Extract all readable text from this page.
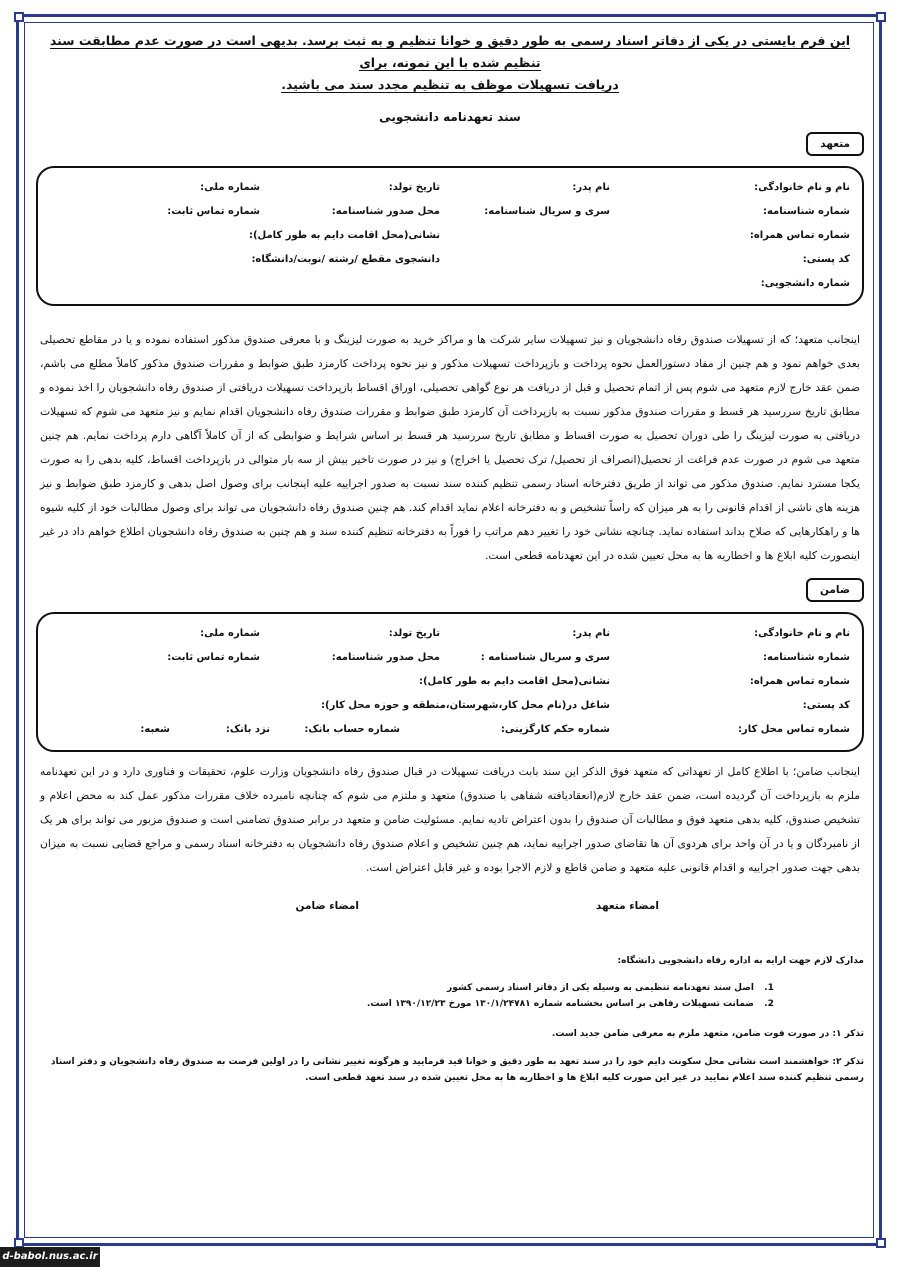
این فرم بایستی در یکی از دفاتر اسناد رسمی به طور دقیق و خوانا تنظیم و به ثبت برسد. بدیهی است در صورت عدم مطابقت سند تنظیم شده با این نمونه، برای
دریافت تسهیلات موظف به تنظیم مجدد سند می باشید.
سند تعهدنامه دانشجویی
متعهد
نام و نام خانوادگی:
نام پدر:
تاریخ تولد:
شماره ملی:
شماره شناسنامه:
سری و سریال شناسنامه:
محل صدور شناسنامه:
شماره تماس ثابت:
شماره تماس همراه:
نشانی(محل اقامت دایم به طور کامل):
کد پستی:
دانشجوی مقطع /رشته /نوبت/دانشگاه:
شماره دانشجویی:
اینجانب متعهد؛ که از تسهیلات صندوق رفاه دانشجویان و نیز تسهیلات سایر شرکت ها و مراکز خرید به صورت لیزینگ و با معرفی صندوق مذکور استفاده نموده و یا در مقاطع تحصیلی بعدی خواهم نمود و هم چنین از مفاد دستورالعمل نحوه پرداخت و بازپرداخت تسهیلات مذکور و نیز نحوه پرداخت کارمزد طبق ضوابط و مقررات صندوق مذکور کاملاً مطلع می باشم، ضمن عقد خارج لازم متعهد می شوم پس از اتمام تحصیل و قبل از دریافت هر نوع گواهی تحصیلی، اوراق اقساط بازپرداخت تسهیلات دریافتی از صندوق رفاه دانشجویان را اخذ نموده و مطابق تاریخ سررسید هر قسط و مقررات صندوق مذکور نسبت به بازپرداخت آن کارمزد طبق ضوابط و مقررات صندوق رفاه دانشجویان اقدام نمایم و نیز متعهد می شوم که تسهیلات دریافتی به صورت لیزینگ را طی دوران تحصیل به صورت اقساط و مطابق تاریخ سررسید هر قسط بر اساس شرایط و ضوابطی که از آن کاملاً آگاهی دارم پرداخت نمایم. هم چنین متعهد می شوم در صورت عدم فراغت از تحصیل(انصراف از تحصیل/ ترک تحصیل یا اخراج) و نیز در صورت تاخیر بیش از سه بار متوالی در بازپرداخت اقساط، کلیه بدهی را به صورت یکجا مسترد نمایم. صندوق مذکور می تواند از طریق دفترخانه اسناد رسمی تنظیم کننده سند نسبت به صدور اجراییه علیه اینجانب برای وصول اصل بدهی و کارمزد طبق ضوابط و نیز هزینه های ناشی از اقدام قانونی را به هر میزان که راساً تشخیص و به دفترخانه اعلام نماید اقدام کند. هم چنین صندوق رفاه دانشجویان می تواند برای وصول مطالبات خود از کلیه شیوه ها و راهکارهایی که صلاح بداند استفاده نماید. چنانچه نشانی خود را تغییر دهم مراتب را فوراً به دفترخانه تنظیم کننده سند و هم چنین به صندوق رفاه دانشجویان اطلاع خواهم داد در غیر اینصورت کلیه ابلاغ ها و اخطاریه ها به محل تعیین شده در این تعهدنامه قطعی است.
ضامن
نام و نام خانوادگی:
نام پدر:
تاریخ تولد:
شماره ملی:
شماره شناسنامه:
سری و سریال شناسنامه :
محل صدور شناسنامه:
شماره تماس ثابت:
شماره تماس همراه:
نشانی(محل اقامت دایم به طور کامل):
کد پستی:
شاغل در(نام محل کار،شهرستان،منطقه و حوزه محل کار):
شماره تماس محل کار:
شماره حکم کارگزینی:
شماره حساب بانک:
نزد بانک:
شعبه:
اینجانب ضامن؛ با اطلاع کامل از تعهداتی که متعهد فوق الذکر این سند بابت دریافت تسهیلات در قبال صندوق رفاه دانشجویان وزارت علوم، تحقیقات و فناوری دارد و در این تعهدنامه ملزم به بازپرداخت آن گردیده است، ضمن عقد خارج لازم(انعقادیافته شفاهی با صندوق) متعهد و ملتزم می شوم که چنانچه نامبرده خلاف مقررات مذکور عمل کند به محض اعلام و تشخیص صندوق، کلیه بدهی متعهد فوق و مطالبات آن صندوق را بدون اعتراض تادیه نمایم. مسئولیت ضامن و متعهد در برابر صندوق تضامنی است و صندوق مزبور می تواند برای هر یک از نامبردگان و یا در آن واحد برای هردوی آن ها تقاضای صدور اجراییه نماید، هم چنین تشخیص و اعلام صندوق رفاه دانشجویان به دفترخانه اسناد رسمی و مراجع قضایی نسبت به میزان بدهی جهت صدور اجراییه و اقدام قانونی علیه متعهد و ضامن قاطع و لازم الاجرا بوده و غیر قابل اعتراض است.
امضاء متعهد
امضاء ضامن
مدارک لازم جهت ارایه به اداره رفاه دانشجویی دانشگاه:
1.
اصل سند تعهدنامه تنظیمی به وسیله یکی از دفاتر اسناد رسمی کشور
2.
ضمانت تسهیلات رفاهی بر اساس بخشنامه شماره ۱۳۰/۱/۲۴۷۸۱ مورخ ۱۳۹۰/۱۲/۲۳ است.
تذکر ۱: در صورت فوت ضامن، متعهد ملزم به معرفی ضامن جدید است.
تذکر ۲: خواهشمند است نشانی محل سکونت دایم خود را در سند تعهد به طور دقیق و خوانا قید فرمایید و هرگونه تغییر نشانی را در اولین فرصت به صندوق رفاه دانشجویان و دفتر اسناد رسمی تنظیم کننده سند اعلام نمایید در غیر این صورت کلیه ابلاغ ها و اخطاریه ها به محل تعیین شده در سند تعهد قطعی است.
d-babol.nus.ac.ir
